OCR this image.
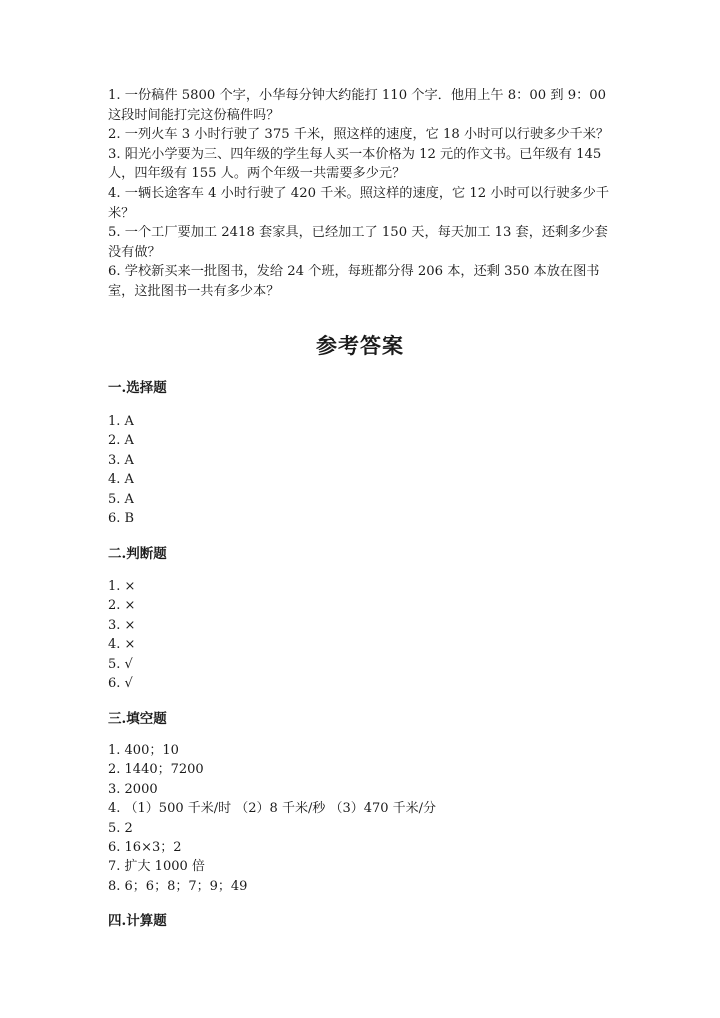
1. 一份稿件 5800 个字，小华每分钟大约能打 110 个字．他用上午 8：00 到 9：00 这段时间能打完这份稿件吗？
2. 一列火车 3 小时行驶了 375 千米，照这样的速度，它 18 小时可以行驶多少千米？
3. 阳光小学要为三、四年级的学生每人买一本价格为 12 元的作文书。已年级有 145 人，四年级有 155 人。两个年级一共需要多少元？
4. 一辆长途客车 4 小时行驶了 420 千米。照这样的速度，它 12 小时可以行驶多少千米？
5. 一个工厂要加工 2418 套家具，已经加工了 150 天，每天加工 13 套，还剩多少套没有做？
6. 学校新买来一批图书，发给 24 个班，每班都分得 206 本，还剩 350 本放在图书室，这批图书一共有多少本？
参考答案
一.选择题
1. A
2. A
3. A
4. A
5. A
6. B
二.判断题
1. ×
2. ×
3. ×
4. ×
5. √
6. √
三.填空题
1. 400；10
2. 1440；7200
3. 2000
4. （1）500 千米/时 （2）8 千米/秒 （3）470 千米/分
5. 2
6. 16×3；2
7. 扩大 1000 倍
8. 6；6；8；7；9；49
四.计算题
